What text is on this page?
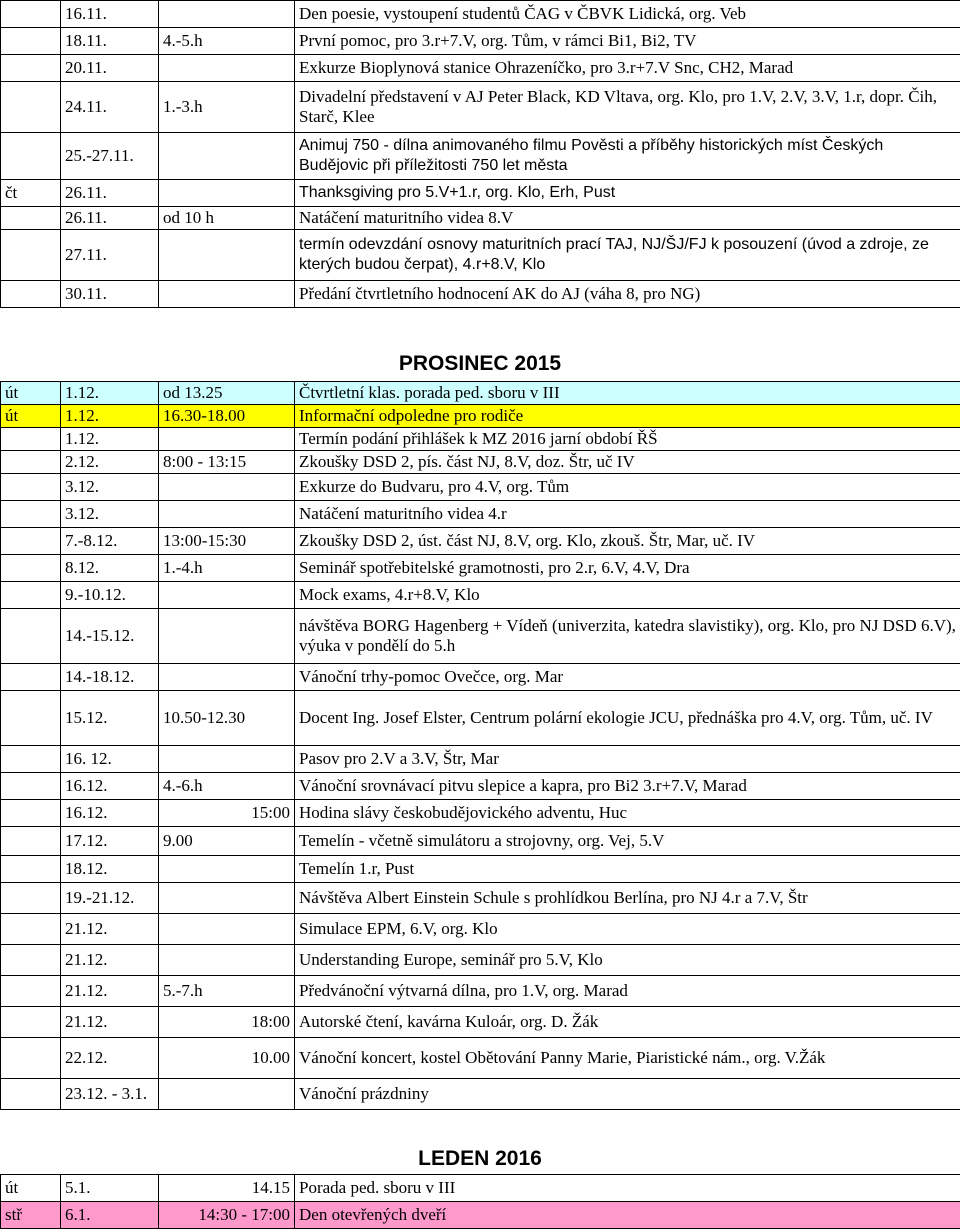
	16.11.		Den poesie, vystoupení studentů ČAG v ČBVK Lidická, org. Veb
	18.11.	4.-5.h	První pomoc, pro 3.r+7.V, org. Tům, v rámci Bi1, Bi2, TV
	20.11.		Exkurze Bioplynová stanice Ohrazeníčko, pro 3.r+7.V Snc, CH2, Marad
	24.11.	1.-3.h	Divadelní představení v AJ Peter Black, KD Vltava, org. Klo, pro 1.V, 2.V, 3.V, 1.r, dopr. Čih, Starč, Klee
	25.-27.11.		Animuj 750 - dílna animovaného filmu Pověsti a příběhy historických míst Českých Budějovic při příležitosti 750 let města
čt	26.11.		Thanksgiving pro 5.V+1.r, org. Klo, Erh, Pust
	26.11.	od 10 h	Natáčení maturitního videa 8.V
	27.11.		termín odevzdání osnovy maturitních prací TAJ, NJ/ŠJ/FJ k posouzení (úvod a zdroje, ze kterých budou čerpat), 4.r+8.V, Klo
	30.11.		Předání čtvrtletního hodnocení AK do AJ (váha 8, pro NG)
PROSINEC 2015
út	1.12.	od 13.25	Čtvrtletní klas. porada ped. sboru v III
út	1.12.	16.30-18.00	Informační odpoledne pro rodiče
	1.12.		Termín podání přihlášek k MZ 2016 jarní období ŘŠ
	2.12.	8:00 - 13:15	Zkoušky DSD 2, pís. část NJ, 8.V, doz. Štr, uč IV
	3.12.		Exkurze do Budvaru, pro 4.V, org. Tům
	3.12.		Natáčení maturitního videa 4.r
	7.-8.12.	13:00-15:30	Zkoušky DSD 2, úst. část NJ, 8.V, org. Klo, zkouš. Štr, Mar, uč. IV
	8.12.	1.-4.h	Seminář spotřebitelské gramotnosti, pro 2.r, 6.V, 4.V, Dra
	9.-10.12.		Mock exams, 4.r+8.V, Klo
	14.-15.12.		návštěva BORG Hagenberg + Vídeň (univerzita, katedra slavistiky), org. Klo, pro NJ DSD 6.V), výuka v pondělí do 5.h
	14.-18.12.		Vánoční trhy-pomoc Ovečce, org. Mar
	15.12.	10.50-12.30	Docent Ing. Josef Elster, Centrum polární ekologie JCU, přednáška pro 4.V, org. Tům, uč. IV
	16. 12.		Pasov pro 2.V a 3.V, Štr, Mar
	16.12.	4.-6.h	Vánoční srovnávací pitvu slepice a kapra, pro Bi2 3.r+7.V, Marad
	16.12.	15:00	Hodina slávy českobudějovického adventu, Huc
	17.12.	9.00	Temelín - včetně simulátoru a strojovny, org. Vej, 5.V
	18.12.		Temelín 1.r, Pust
	19.-21.12.		Návštěva Albert Einstein Schule s prohlídkou Berlína, pro NJ 4.r a 7.V, Štr
	21.12.		Simulace EPM, 6.V, org. Klo
	21.12.		Understanding Europe, seminář pro 5.V, Klo
	21.12.	5.-7.h	Předvánoční výtvarná dílna, pro 1.V, org. Marad
	21.12.	18:00	Autorské čtení, kavárna Kuloár, org. D. Žák
	22.12.	10.00	Vánoční koncert, kostel Obětování Panny Marie, Piaristické nám., org. V.Žák
	23.12. - 3.1.		Vánoční prázdniny
LEDEN 2016
út	5.1.	14.15	Porada ped. sboru v III
stř	6.1.	14:30 - 17:00	Den otevřených dveří
